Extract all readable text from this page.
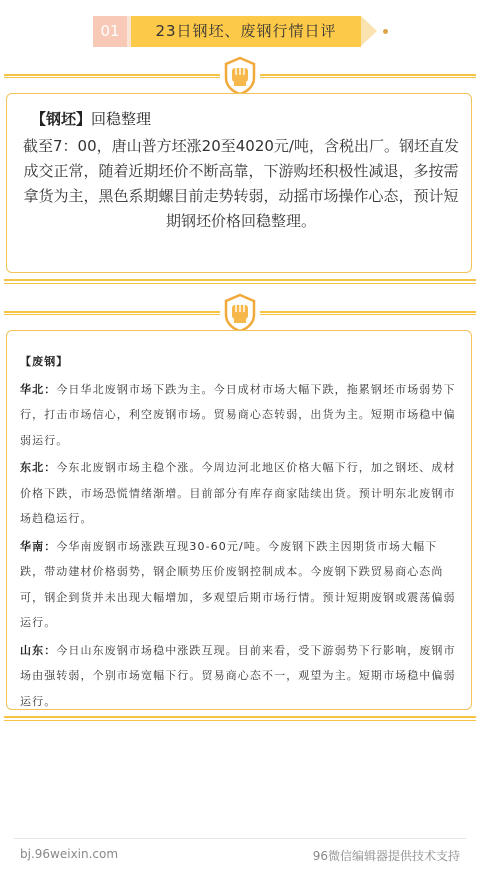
01	23日钢坯、废钢行情日评
【钢坯】回稳整理
截至7：00，唐山普方坯涨20至4020元/吨，含税出厂。钢坯直发成交正常，随着近期坯价不断高靠，下游购坯积极性减退，多按需拿货为主，黑色系期螺目前走势转弱，动摇市场操作心态，预计短期钢坯价格回稳整理。

【废钢】

华北：今日华北废钢市场下跌为主。今日成材市场大幅下跌，拖累钢坯市场弱势下行，打击市场信心，利空废钢市场。贸易商心态转弱，出货为主。短期市场稳中偏弱运行。

东北：今东北废钢市场主稳个涨。今周边河北地区价格大幅下行，加之钢坯、成材价格下跌，市场恐慌情绪渐增。目前部分有库存商家陆续出货。预计明东北废钢市场趋稳运行。

华南：今华南废钢市场涨跌互现30-60元/吨。今废钢下跌主因期货市场大幅下跌，带动建材价格弱势，钢企顺势压价废钢控制成本。今废钢下跌贸易商心态尚可，钢企到货并未出现大幅增加，多观望后期市场行情。预计短期废钢或震荡偏弱运行。

山东：今日山东废钢市场稳中涨跌互现。目前来看，受下游弱势下行影响，废钢市场由强转弱，个别市场宽幅下行。贸易商心态不一，观望为主。短期市场稳中偏弱运行。

bj.96weixin.com	96微信编辑器提供技术支持
